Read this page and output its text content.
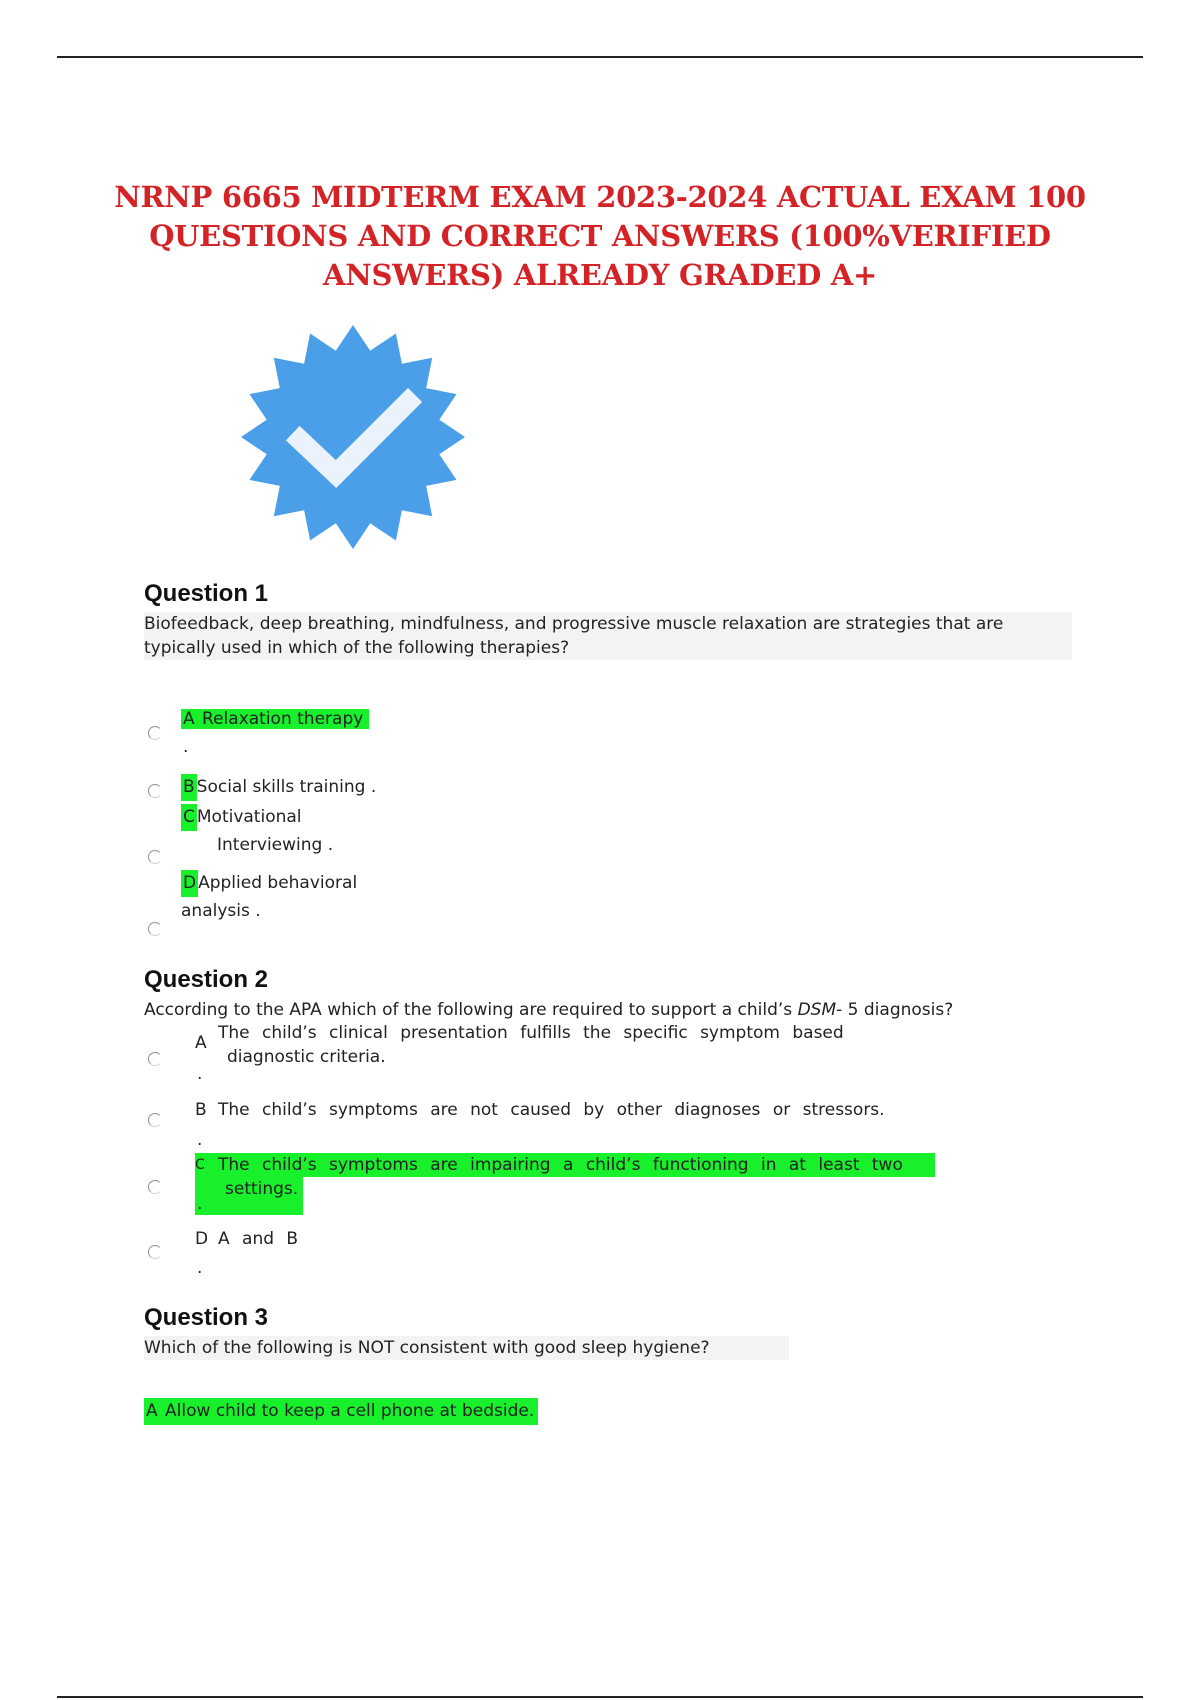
NRNP 6665 MIDTERM EXAM 2023-2024 ACTUAL EXAM 100
QUESTIONS AND CORRECT ANSWERS (100%VERIFIED
ANSWERS) ALREADY GRADED A+
Question 1
Biofeedback, deep breathing, mindfulness, and progressive muscle relaxation are strategies that are
typically used in which of the following therapies?
A Relaxation therapy
.
B Social skills training .
C Motivational
Interviewing .
D Applied behavioral
analysis .
Question 2
According to the APA which of the following are required to support a child’s DSM- 5 diagnosis?
A The child’s clinical presentation fulfills the specific symptom based
diagnostic criteria.
.
B The child’s symptoms are not caused by other diagnoses or stressors.
.
C The child’s symptoms are impairing a child’s functioning in at least two
settings.
.
D A and B
.
Question 3
Which of the following is NOT consistent with good sleep hygiene?
A Allow child to keep a cell phone at bedside.
